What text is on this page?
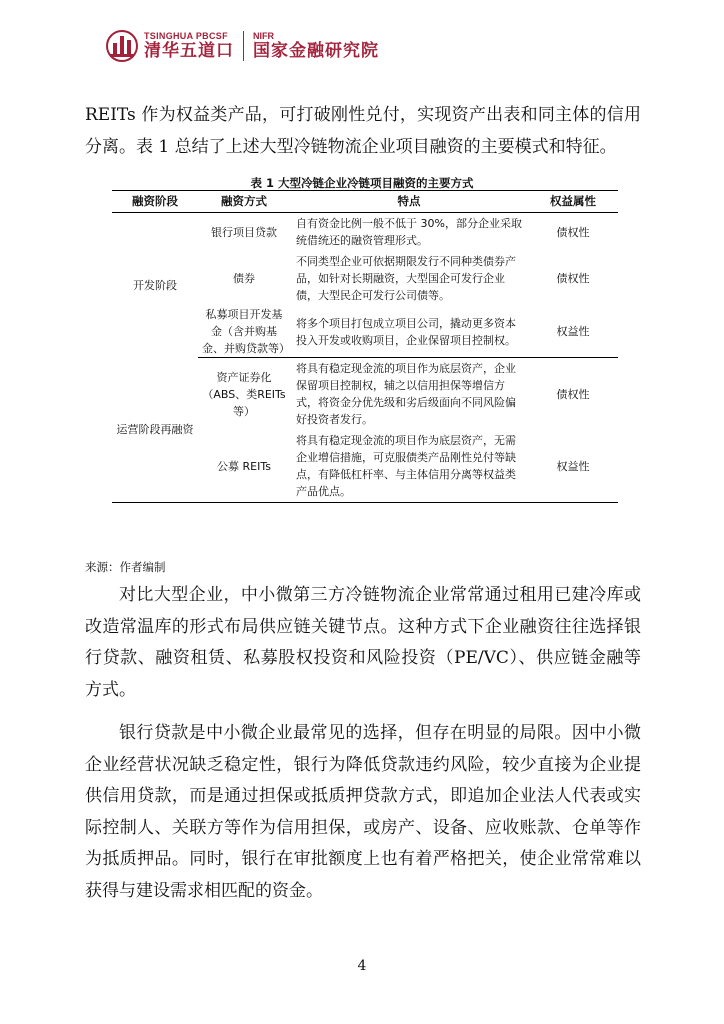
TSINGHUA PBCSF
清华五道口
NIFR
国家金融研究院

REITs 作为权益类产品，可打破刚性兑付，实现资产出表和同主体的信用分离。表 1 总结了上述大型冷链物流企业项目融资的主要模式和特征。

表 1 大型冷链企业冷链项目融资的主要方式
融资阶段	融资方式	特点	权益属性
开发阶段	银行项目贷款	自有资金比例一般不低于 30%，部分企业采取统借统还的融资管理形式。	债权性
	债券	不同类型企业可依据期限发行不同种类债券产品，如针对长期融资，大型国企可发行企业债，大型民企可发行公司债等。	债权性
	私募项目开发基金（含并购基金、并购贷款等）	将多个项目打包成立项目公司，撬动更多资本投入开发或收购项目，企业保留项目控制权。	权益性
运营阶段再融资	资产证券化（ABS、类REITs 等）	将具有稳定现金流的项目作为底层资产，企业保留项目控制权，辅之以信用担保等增信方式，将资金分优先级和劣后级面向不同风险偏好投资者发行。	债权性
	公募 REITs	将具有稳定现金流的项目作为底层资产，无需企业增信措施，可克服债类产品刚性兑付等缺点，有降低杠杆率、与主体信用分离等权益类产品优点。	权益性
来源：作者编制

对比大型企业，中小微第三方冷链物流企业常常通过租用已建冷库或改造常温库的形式布局供应链关键节点。这种方式下企业融资往往选择银行贷款、融资租赁、私募股权投资和风险投资（PE/VC）、供应链金融等方式。

银行贷款是中小微企业最常见的选择，但存在明显的局限。因中小微企业经营状况缺乏稳定性，银行为降低贷款违约风险，较少直接为企业提供信用贷款，而是通过担保或抵质押贷款方式，即追加企业法人代表或实际控制人、关联方等作为信用担保，或房产、设备、应收账款、仓单等作为抵质押品。同时，银行在审批额度上也有着严格把关，使企业常常难以获得与建设需求相匹配的资金。

4
